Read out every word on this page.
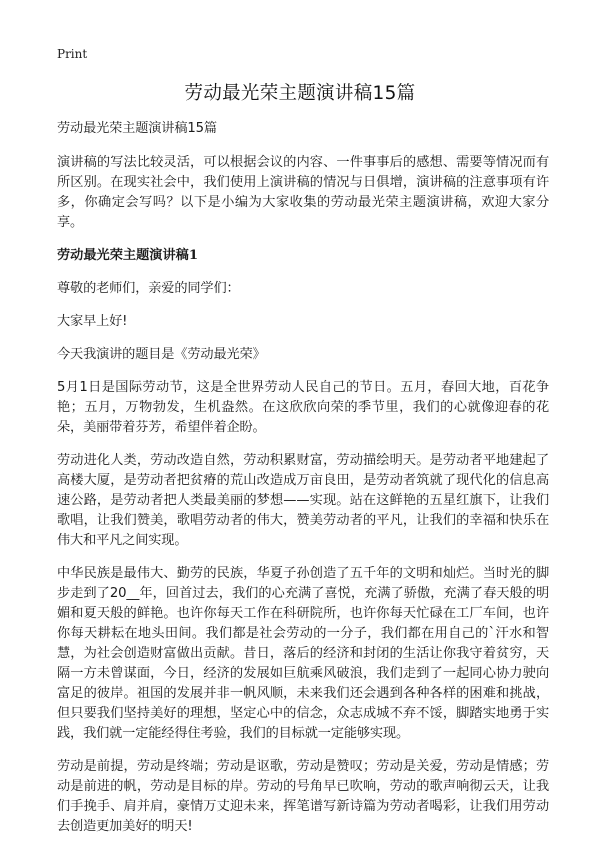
Print
劳动最光荣主题演讲稿15篇

劳动最光荣主题演讲稿15篇

演讲稿的写法比较灵活，可以根据会议的内容、一件事事后的感想、需要等情况而有所区别。在现实社会中，我们使用上演讲稿的情况与日俱增，演讲稿的注意事项有许多，你确定会写吗？以下是小编为大家收集的劳动最光荣主题演讲稿，欢迎大家分享。

劳动最光荣主题演讲稿1

尊敬的老师们，亲爱的同学们：

大家早上好!

今天我演讲的题目是《劳动最光荣》

5月1日是国际劳动节，这是全世界劳动人民自己的节日。五月，春回大地，百花争艳；五月，万物勃发，生机盎然。在这欣欣向荣的季节里，我们的心就像迎春的花朵，美丽带着芬芳，希望伴着企盼。

劳动进化人类，劳动改造自然，劳动积累财富，劳动描绘明天。是劳动者平地建起了高楼大厦，是劳动者把贫瘠的荒山改造成万亩良田，是劳动者筑就了现代化的信息高速公路，是劳动者把人类最美丽的梦想——实现。站在这鲜艳的五星红旗下，让我们歌唱，让我们赞美，歌唱劳动者的伟大，赞美劳动者的平凡，让我们的幸福和快乐在伟大和平凡之间实现。

中华民族是最伟大、勤劳的民族，华夏子孙创造了五千年的文明和灿烂。当时光的脚步走到了20__年，回首过去，我们的心充满了喜悦，充满了骄傲，充满了春天般的明媚和夏天般的鲜艳。也许你每天工作在科研院所，也许你每天忙碌在工厂车间，也许你每天耕耘在地头田间。我们都是社会劳动的一分子，我们都在用自己的`汗水和智慧，为社会创造财富做出贡献。昔日，落后的经济和封闭的生活让你我守着贫穷，天隔一方未曾谋面，今日，经济的发展如巨航乘风破浪，我们走到了一起同心协力驶向富足的彼岸。祖国的发展并非一帆风顺，未来我们还会遇到各种各样的困难和挑战，但只要我们坚持美好的理想，坚定心中的信念，众志成城不弃不馁，脚踏实地勇于实践，我们就一定能经得住考验，我们的目标就一定能够实现。

劳动是前提，劳动是终端；劳动是讴歌，劳动是赞叹；劳动是关爱，劳动是情感；劳动是前进的帆，劳动是目标的岸。劳动的号角早已吹响，劳动的歌声响彻云天，让我们手挽手、肩并肩，豪情万丈迎未来，挥笔谱写新诗篇为劳动者喝彩，让我们用劳动去创造更加美好的明天!
